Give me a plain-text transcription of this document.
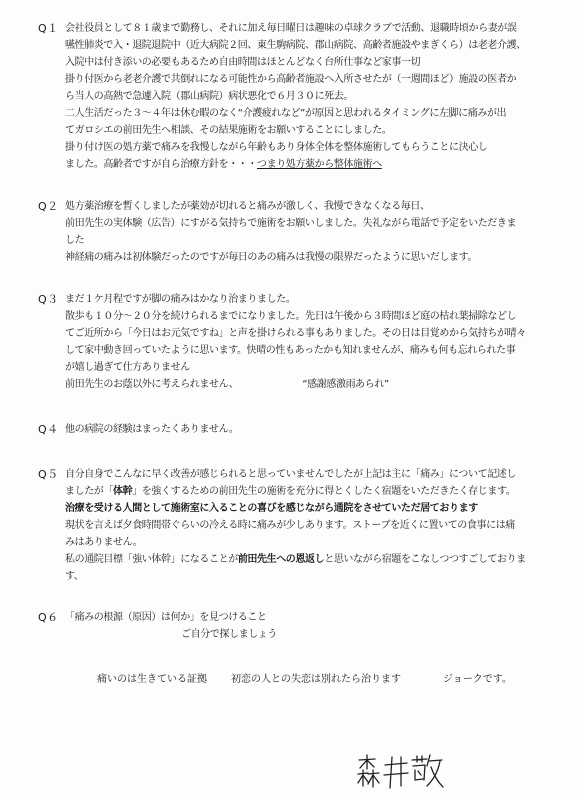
Q１ 会社役員として８１歳まで勤務し、それに加え毎日曜日は趣味の卓球クラブで活動、退職時頃から妻が誤
嚥性肺炎で入・退院退院中（近大病院２回、東生駒病院、郡山病院、高齢者施設やまぎくら）は老老介護、
入院中は付き添いの必要もあるため自由時間はほとんどなく台所仕事など家事一切
掛り付医から老老介護で共倒れになる可能性から高齢者施設へ入所させたが（一週間ほど）施設の医者か
ら当人の高熱で急遽入院（郡山病院）病状悪化で６月３０に死去。
二人生活だった３～４年は休む暇のなく“介護疲れなど”が原因と思われるタイミングに左脚に痛みが出
てガロシエの前田先生へ相談、その結果施術をお願いすることにしました。
掛り付け医の処方薬で痛みを我慢しながら年齢もあり身体全体を整体施術してもらうことに決心し
ました。高齢者ですが自ら治療方針を・・・つまり処方薬から整体施術へ
Q２ 処方薬治療を暫くしましたが薬効が切れると痛みが激しく、我慢できなくなる毎日、
前田先生の実体験（広告）にすがる気持ちで施術をお願いしました。失礼ながら電話で予定をいただきま
した
神経痛の痛みは初体験だったのですが毎日のあの痛みは我慢の限界だったように思いだします。
Q３ まだ１ケ月程ですが脚の痛みはかなり治まりました。
散歩も１０分～２０分を続けられるまでになりました。先日は午後から３時間ほど庭の枯れ葉掃除などし
てご近所から「今日はお元気ですね」と声を掛けられる事もありました。その日は目覚めから気持ちが晴々
して家中動き回っていたように思います。快晴の性もあったかも知れませんが、痛みも何も忘れられた事
が嬉し過ぎて仕方ありません
前田先生のお蔭以外に考えられません、	“感謝感激雨あられ”
Q４ 他の病院の経験はまったくありません。
Q５ 自分自身でこんなに早く改善が感じられると思っていませんでしたが上記は主に「痛み」について記述し
ましたが「体幹」を強くするための前田先生の施術を充分に得とくしたく宿題をいただきたく存じます。
治療を受ける人間として施術室に入ることの喜びを感じながら通院をさせていただ居ております
現状を言えば夕食時間帯ぐらいの冷える時に痛みが少しあります。ストーブを近くに置いての食事には痛
みはありません。
私の通院目標「強い体幹」になることが前田先生への恩返しと思いながら宿題をこなしつつすごしておりま
す、
Q６ 「痛みの根源（原因）は何か」を見つけること
ご自分で探しましょう
痛いのは生きている証拠 初恋の人との失恋は別れたら治ります	ジョークです。
